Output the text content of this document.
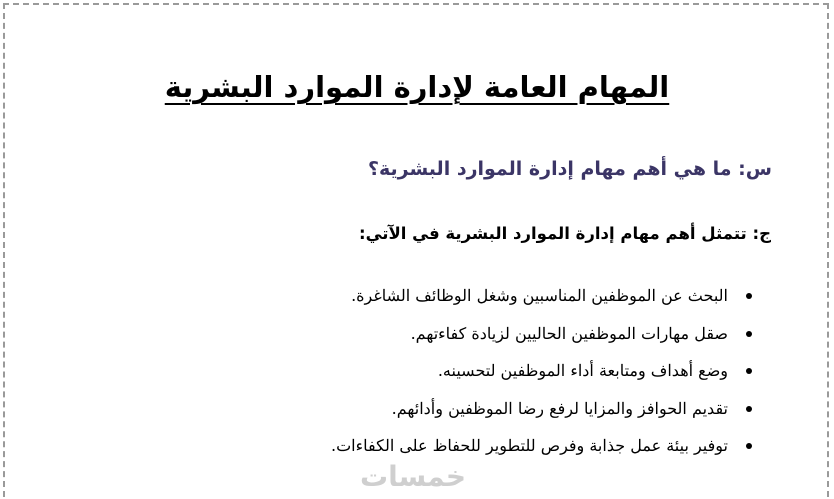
المهام العامة لإدارة الموارد البشرية
س: ما هي أهم مهام إدارة الموارد البشرية؟
ج: تتمثل أهم مهام إدارة الموارد البشرية في الآتي:
البحث عن الموظفين المناسبين وشغل الوظائف الشاغرة.
صقل مهارات الموظفين الحاليين لزيادة كفاءتهم.
وضع أهداف ومتابعة أداء الموظفين لتحسينه.
تقديم الحوافز والمزايا لرفع رضا الموظفين وأدائهم.
توفير بيئة عمل جذابة وفرص للتطوير للحفاظ على الكفاءات.
خمسات
